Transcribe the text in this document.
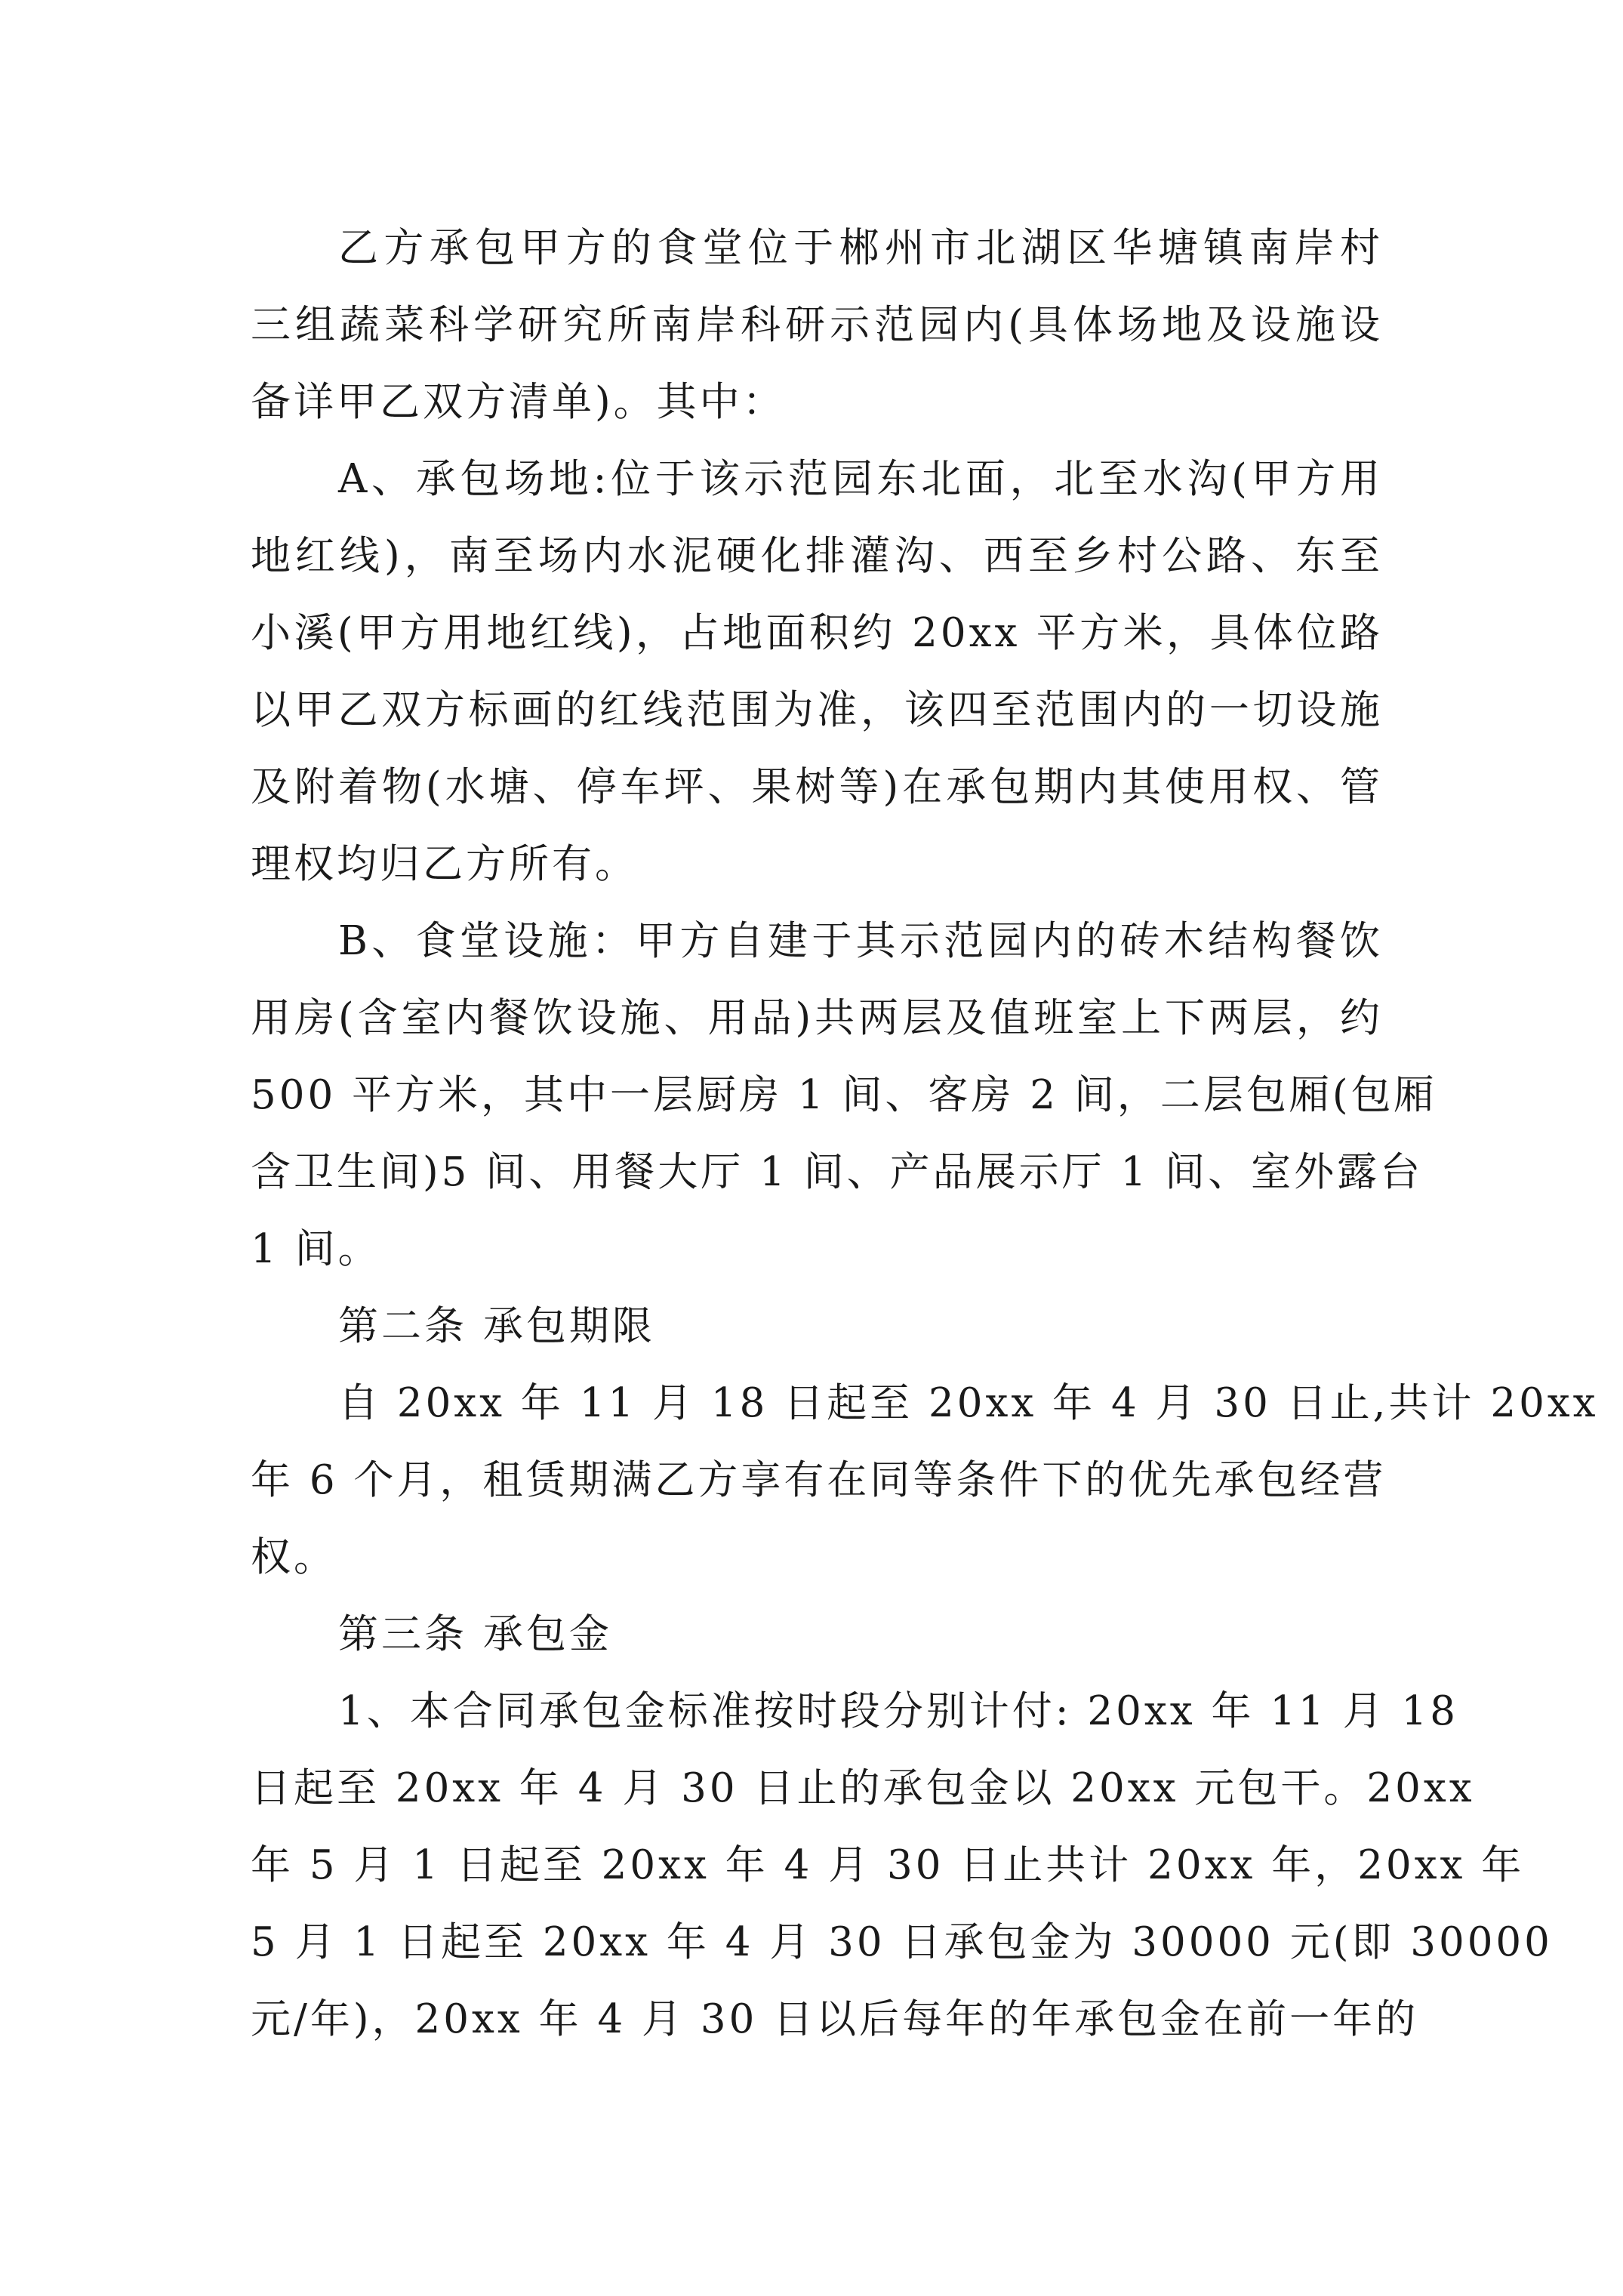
乙方承包甲方的食堂位于郴州市北湖区华塘镇南岸村
三组蔬菜科学研究所南岸科研示范园内(具体场地及设施设
备详甲乙双方清单)。其中：
A、承包场地:位于该示范园东北面，北至水沟(甲方用
地红线)，南至场内水泥硬化排灌沟、西至乡村公路、东至
小溪(甲方用地红线)，占地面积约 20xx 平方米，具体位路
以甲乙双方标画的红线范围为准，该四至范围内的一切设施
及附着物(水塘、停车坪、果树等)在承包期内其使用权、管
理权均归乙方所有。
B、食堂设施：甲方自建于其示范园内的砖木结构餐饮
用房(含室内餐饮设施、用品)共两层及值班室上下两层，约
500 平方米，其中一层厨房 1 间、客房 2 间，二层包厢(包厢
含卫生间)5 间、用餐大厅 1 间、产品展示厅 1 间、室外露台
1 间。
第二条 承包期限
自 20xx 年 11 月 18 日起至 20xx 年 4 月 30 日止,共计 20xx
年 6 个月，租赁期满乙方享有在同等条件下的优先承包经营
权。
第三条 承包金
1、本合同承包金标准按时段分别计付: 20xx 年 11 月 18
日起至 20xx 年 4 月 30 日止的承包金以 20xx 元包干。20xx
年 5 月 1 日起至 20xx 年 4 月 30 日止共计 20xx 年，20xx 年
5 月 1 日起至 20xx 年 4 月 30 日承包金为 30000 元(即 30000
元/年)，20xx 年 4 月 30 日以后每年的年承包金在前一年的
